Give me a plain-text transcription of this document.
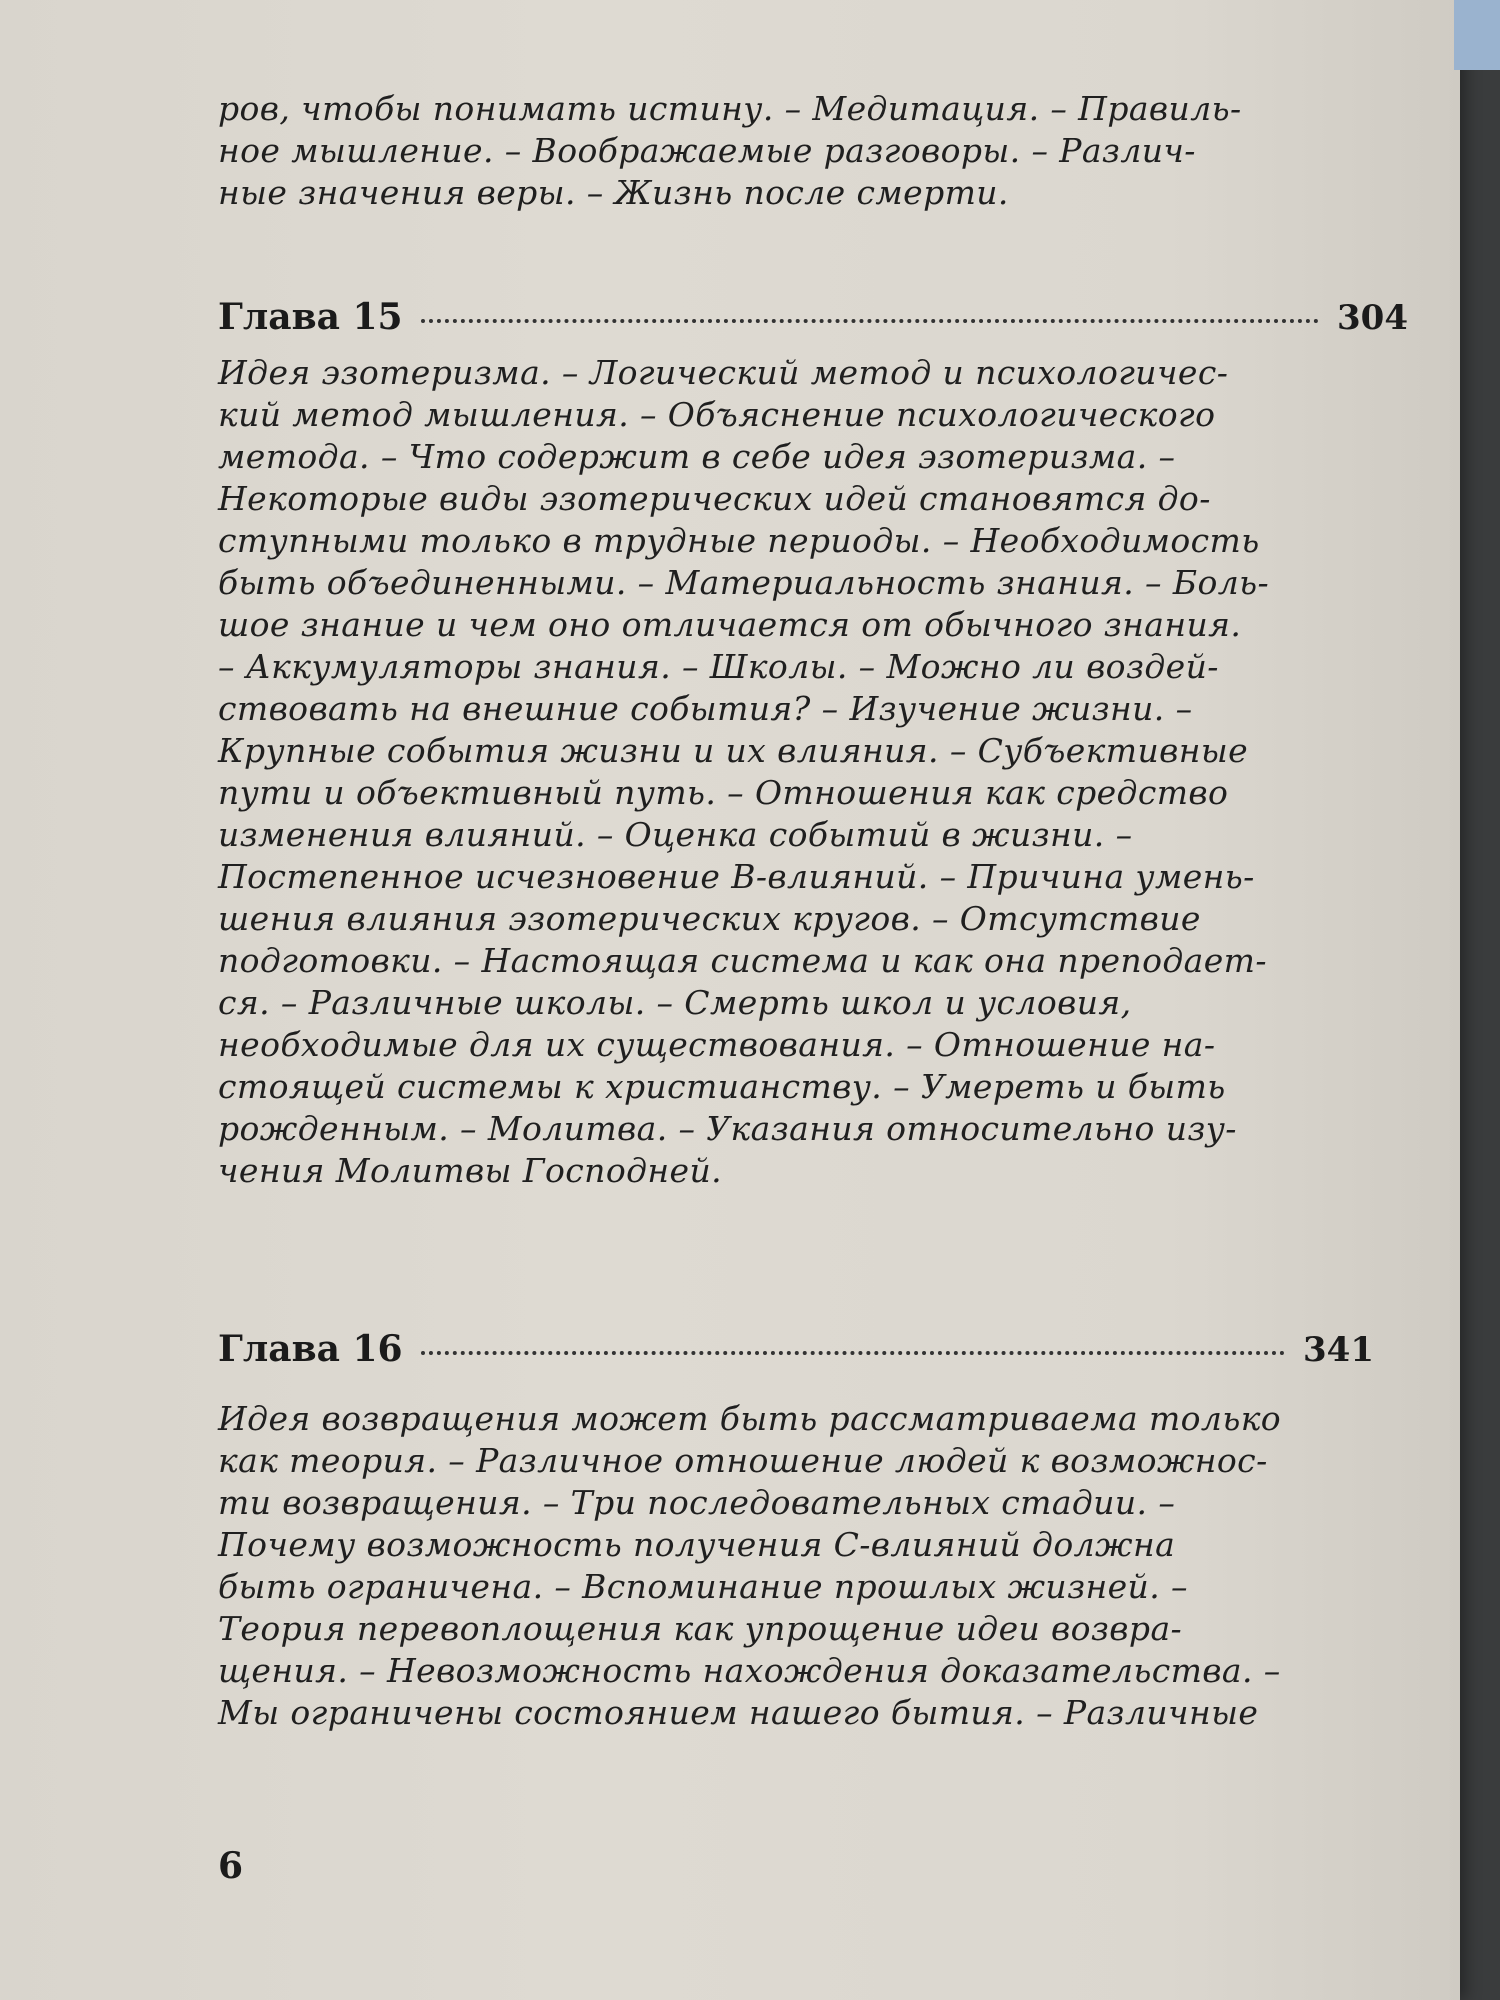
ров, чтобы понимать истину. – Медитация. – Правиль-
ное мышление. – Воображаемые разговоры. – Различ-
ные значения веры. – Жизнь после смерти.
Глава 15	304
Идея эзотеризма. – Логический метод и психологичес-
кий метод мышления. – Объяснение психологического
метода. – Что содержит в себе идея эзотеризма. –
Некоторые виды эзотерических идей становятся до-
ступными только в трудные периоды. – Необходимость
быть объединенными. – Материальность знания. – Боль-
шое знание и чем оно отличается от обычного знания.
– Аккумуляторы знания. – Школы. – Можно ли воздей-
ствовать на внешние события? – Изучение жизни. –
Крупные события жизни и их влияния. – Субъективные
пути и объективный путь. – Отношения как средство
изменения влияний. – Оценка событий в жизни. –
Постепенное исчезновение В-влияний. – Причина умень-
шения влияния эзотерических кругов. – Отсутствие
подготовки. – Настоящая система и как она преподает-
ся. – Различные школы. – Смерть школ и условия,
необходимые для их существования. – Отношение на-
стоящей системы к христианству. – Умереть и быть
рожденным. – Молитва. – Указания относительно изу-
чения Молитвы Господней.
Глава 16	341
Идея возвращения может быть рассматриваема только
как теория. – Различное отношение людей к возможнос-
ти возвращения. – Три последовательных стадии. –
Почему возможность получения С-влияний должна
быть ограничена. – Вспоминание прошлых жизней. –
Теория перевоплощения как упрощение идеи возвра-
щения. – Невозможность нахождения доказательства. –
Мы ограничены состоянием нашего бытия. – Различные
6
